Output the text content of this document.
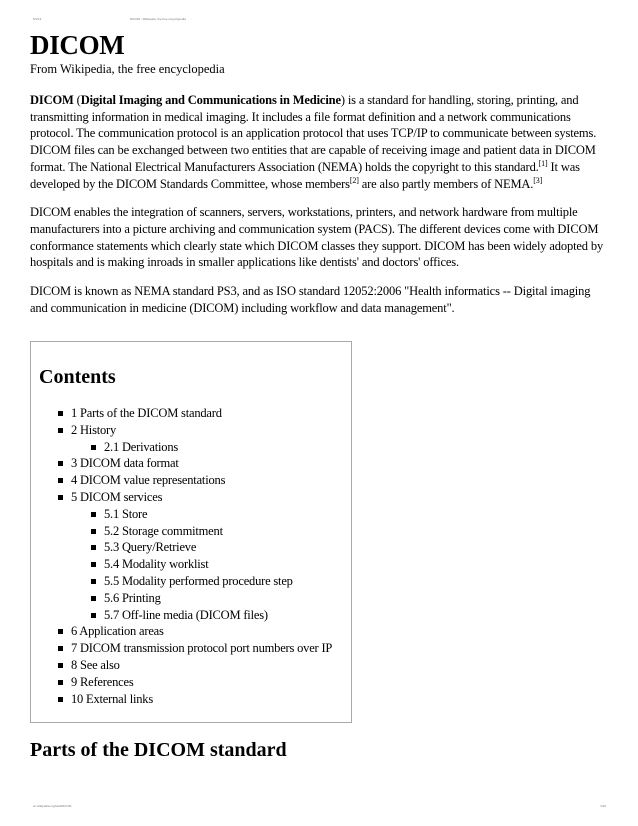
5/1/13	DICOM - Wikipedia, the free encyclopedia
DICOM
From Wikipedia, the free encyclopedia

DICOM (Digital Imaging and Communications in Medicine) is a standard for handling, storing, printing, and transmitting information in medical imaging. It includes a file format definition and a network communications protocol. The communication protocol is an application protocol that uses TCP/IP to communicate between systems. DICOM files can be exchanged between two entities that are capable of receiving image and patient data in DICOM format. The National Electrical Manufacturers Association (NEMA) holds the copyright to this standard.[1] It was developed by the DICOM Standards Committee, whose members[2] are also partly members of NEMA.[3]

DICOM enables the integration of scanners, servers, workstations, printers, and network hardware from multiple manufacturers into a picture archiving and communication system (PACS). The different devices come with DICOM conformance statements which clearly state which DICOM classes they support. DICOM has been widely adopted by hospitals and is making inroads in smaller applications like dentists' and doctors' offices.

DICOM is known as NEMA standard PS3, and as ISO standard 12052:2006 "Health informatics -- Digital imaging and communication in medicine (DICOM) including workflow and data management".

Contents
1 Parts of the DICOM standard
2 History
2.1 Derivations
3 DICOM data format
4 DICOM value representations
5 DICOM services
5.1 Store
5.2 Storage commitment
5.3 Query/Retrieve
5.4 Modality worklist
5.5 Modality performed procedure step
5.6 Printing
5.7 Off-line media (DICOM files)
6 Application areas
7 DICOM transmission protocol port numbers over IP
8 See also
9 References
10 External links
Parts of the DICOM standard
en.wikipedia.org/wiki/DICOM	1/15
